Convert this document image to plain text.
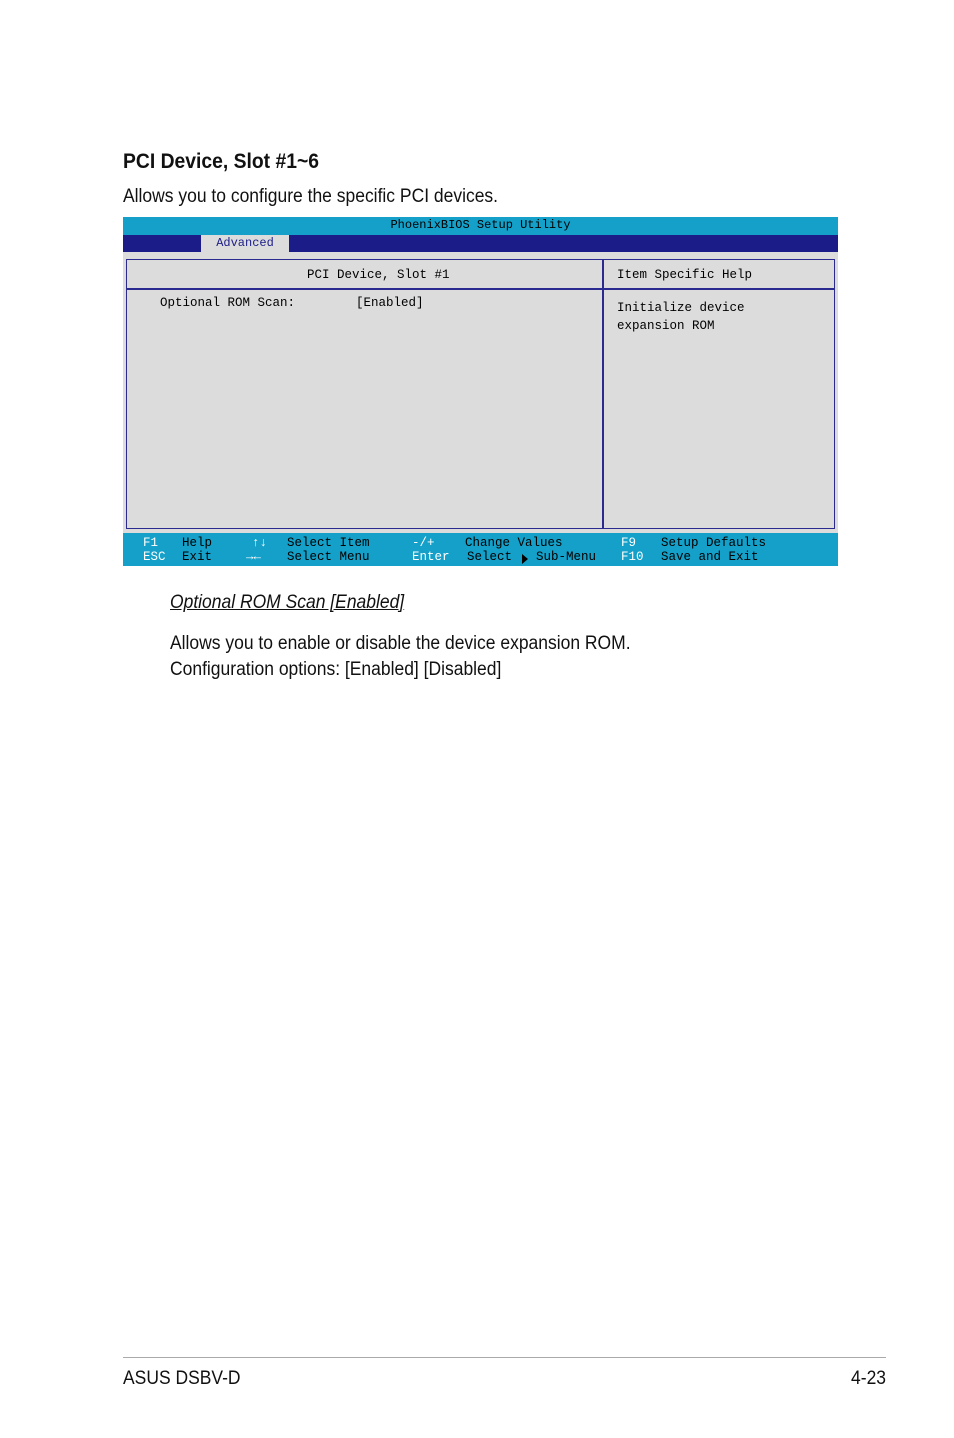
PCI Device, Slot #1~6
Allows you to configure the specific PCI devices.
PhoenixBIOS Setup Utility
Advanced
PCI Device, Slot #1	Item Specific Help
Optional ROM Scan:	[Enabled]	Initialize device
expansion ROM
F1 Help
ESC Exit
↑↓ Select Item
→← Select Menu
-/+ Change Values
Enter Select Sub-Menu
F9 Setup Defaults
F10 Save and Exit
Optional ROM Scan [Enabled]
Allows you to enable or disable the device expansion ROM.
Configuration options: [Enabled] [Disabled]
ASUS DSBV-D	4-23
